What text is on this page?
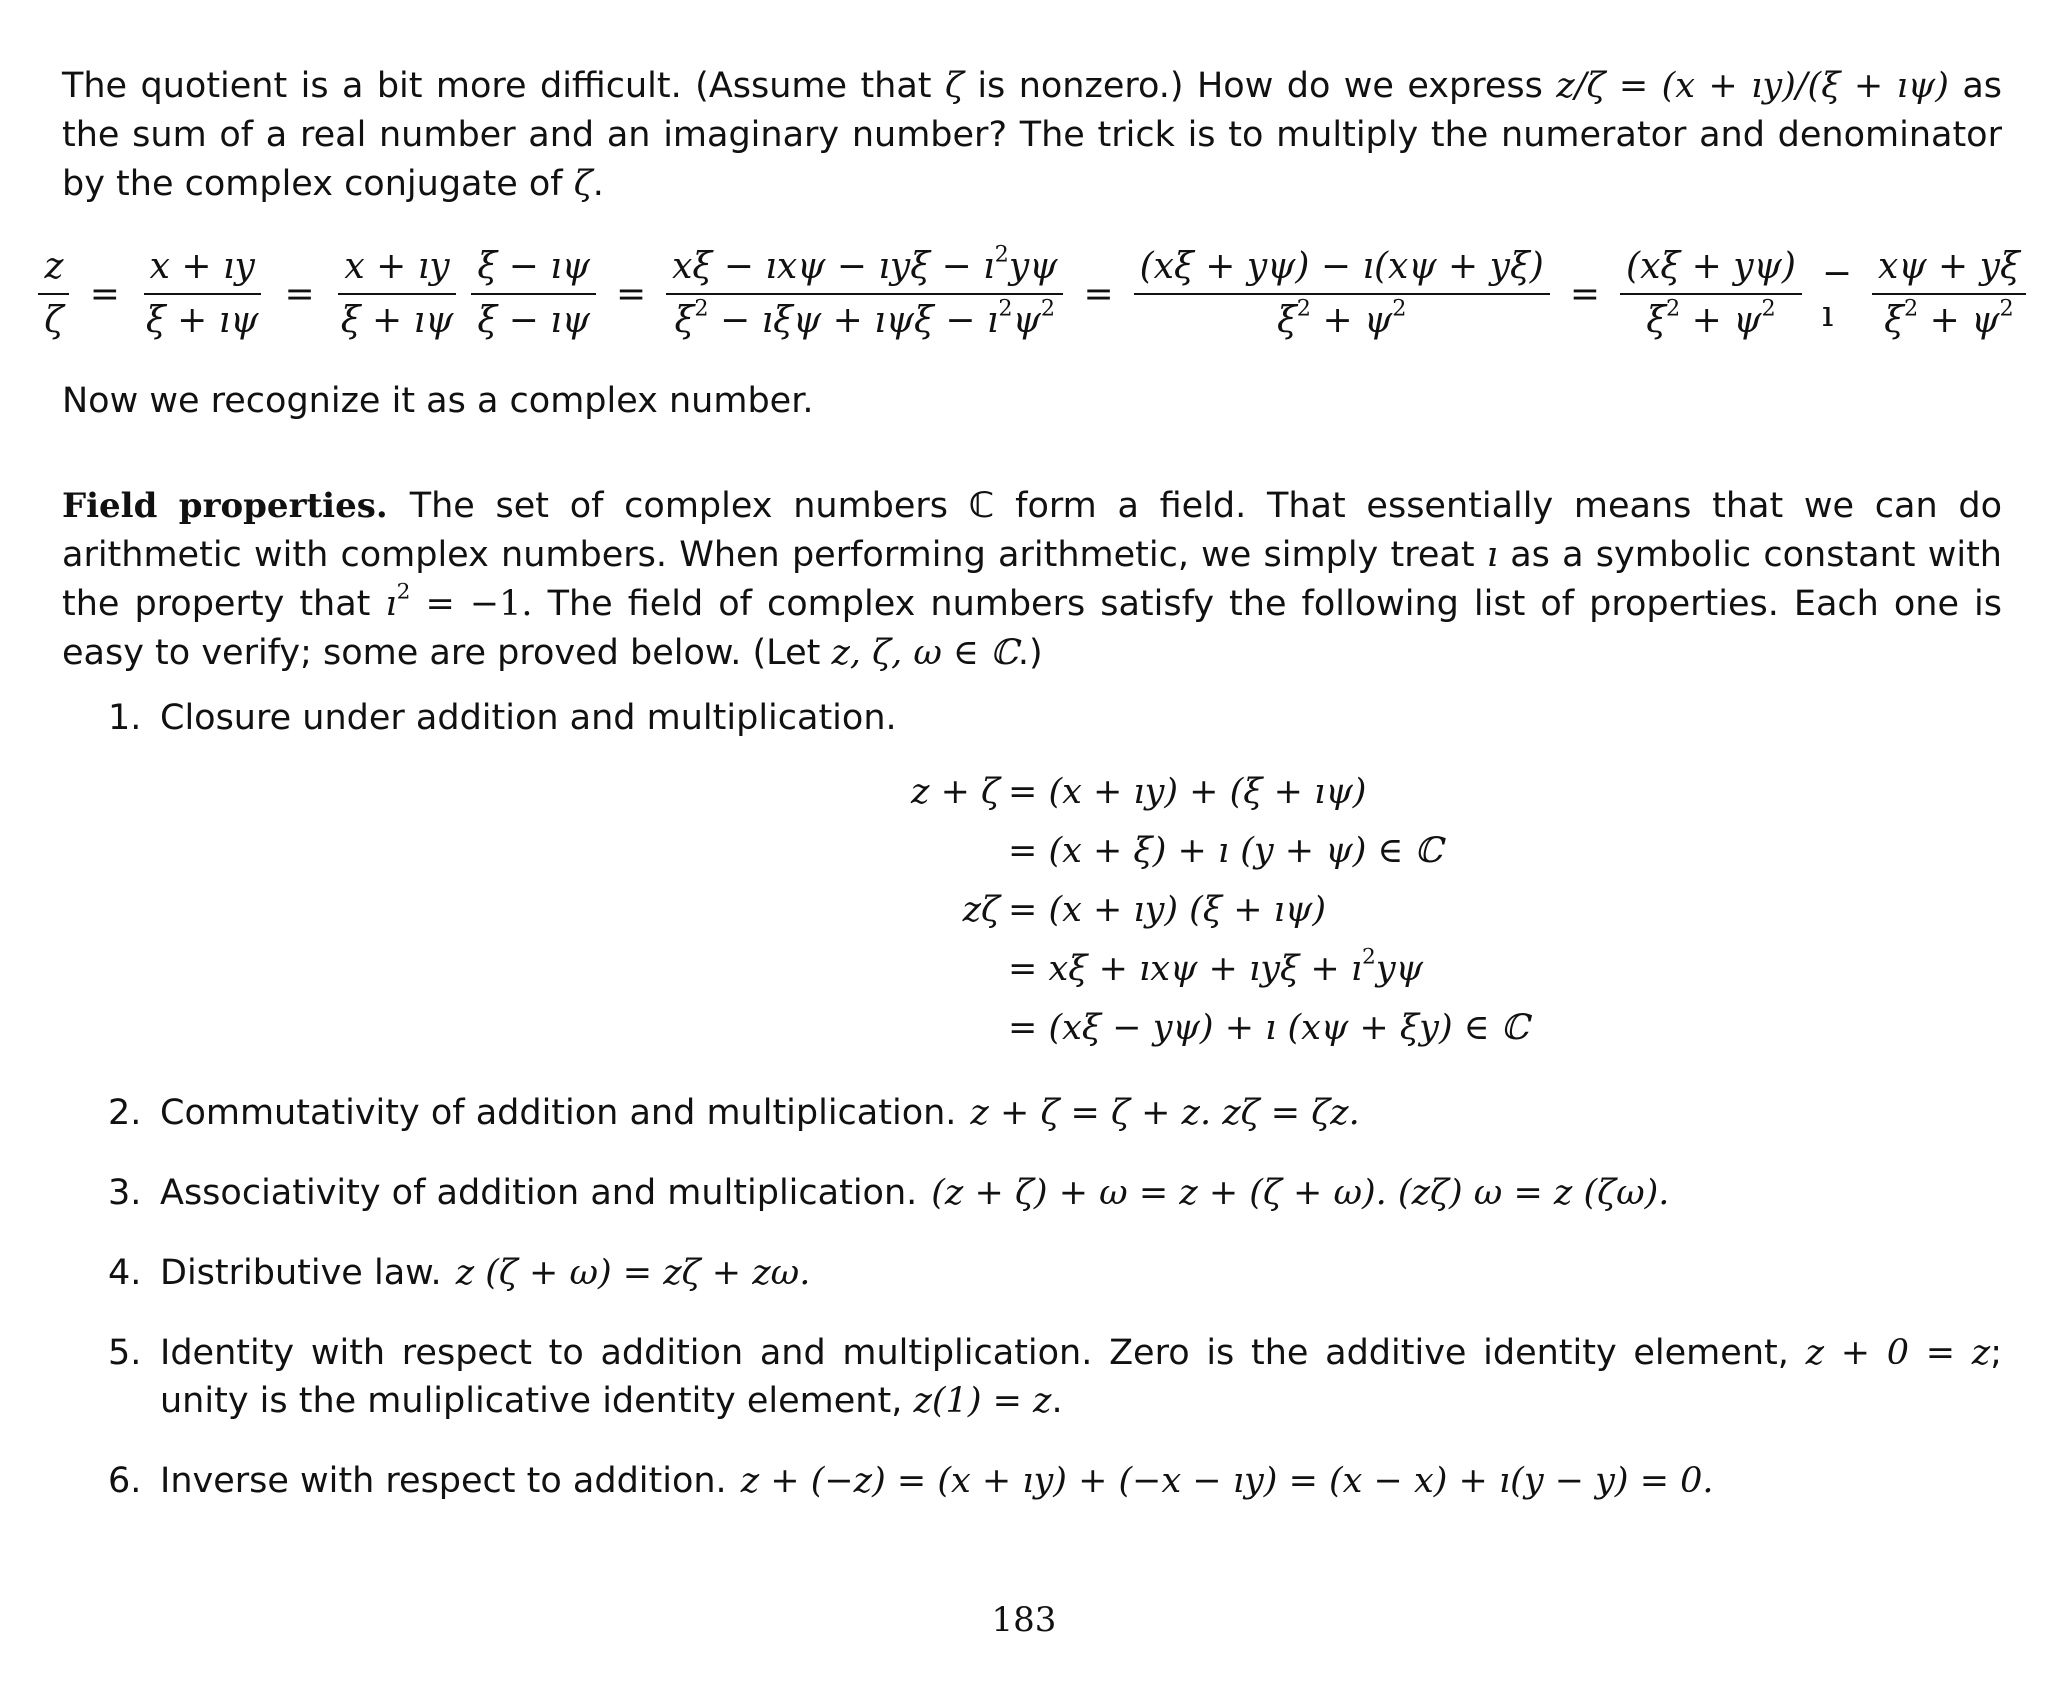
The quotient is a bit more difficult. (Assume that ζ is nonzero.) How do we express z/ζ = (x + ıy)/(ξ + ıψ) as the sum of a real number and an imaginary number? The trick is to multiply the numerator and denominator by the complex conjugate of ζ.

$\frac{z}{\zeta} = \frac{x + ıy}{\xi + ı\psi} = \frac{x + ıy}{\xi + ı\psi} \frac{\xi - ı\psi}{\xi - ı\psi} = \frac{x\xi - ıx\psi - ıy\xi - ı^2y\psi}{\xi^2 - ı\xi\psi + ı\psi\xi - ı^2\psi^2} = \frac{(x\xi + y\psi) - ı(x\psi + y\xi)}{\xi^2 + \psi^2} = \frac{(x\xi + y\psi)}{\xi^2 + \psi^2}$ − ı	$\frac{x\psi + y\xi}{\xi^2 + \psi^2}$

Now we recognize it as a complex number.

Field properties. The set of complex numbers ℂ form a field. That essentially means that we can do arithmetic with complex numbers. When performing arithmetic, we simply treat ı as a symbolic constant with the property that $ı^2 = -1$. The field of complex numbers satisfy the following list of properties. Each one is easy to verify; some are proved below. (Let z, ζ, ω ∈ ℂ.)

1. Closure under addition and multiplication.
z + ζ = (x + ıy) + (ξ + ıψ)
= (x + ξ) + ı (y + ψ) ∈ ℂ
zζ = (x + ıy) (ξ + ıψ)
= xξ + ıxψ + ıyξ + $ı^2y\psi$
= (xξ − yψ) + ı (xψ + ξy) ∈ ℂ
2. Commutativity of addition and multiplication. z + ζ = ζ + z. zζ = ζz.
3. Associativity of addition and multiplication. (z + ζ) + ω = z + (ζ + ω). (zζ) ω = z (ζω).
4. Distributive law. z (ζ + ω) = zζ + zω.
5. Identity with respect to addition and multiplication. Zero is the additive identity element, z + 0 = z; unity is the muliplicative identity element, z(1) = z.
6. Inverse with respect to addition. z + (−z) = (x + ıy) + (−x − ıy) = (x − x) + ı(y − y) = 0.
183
